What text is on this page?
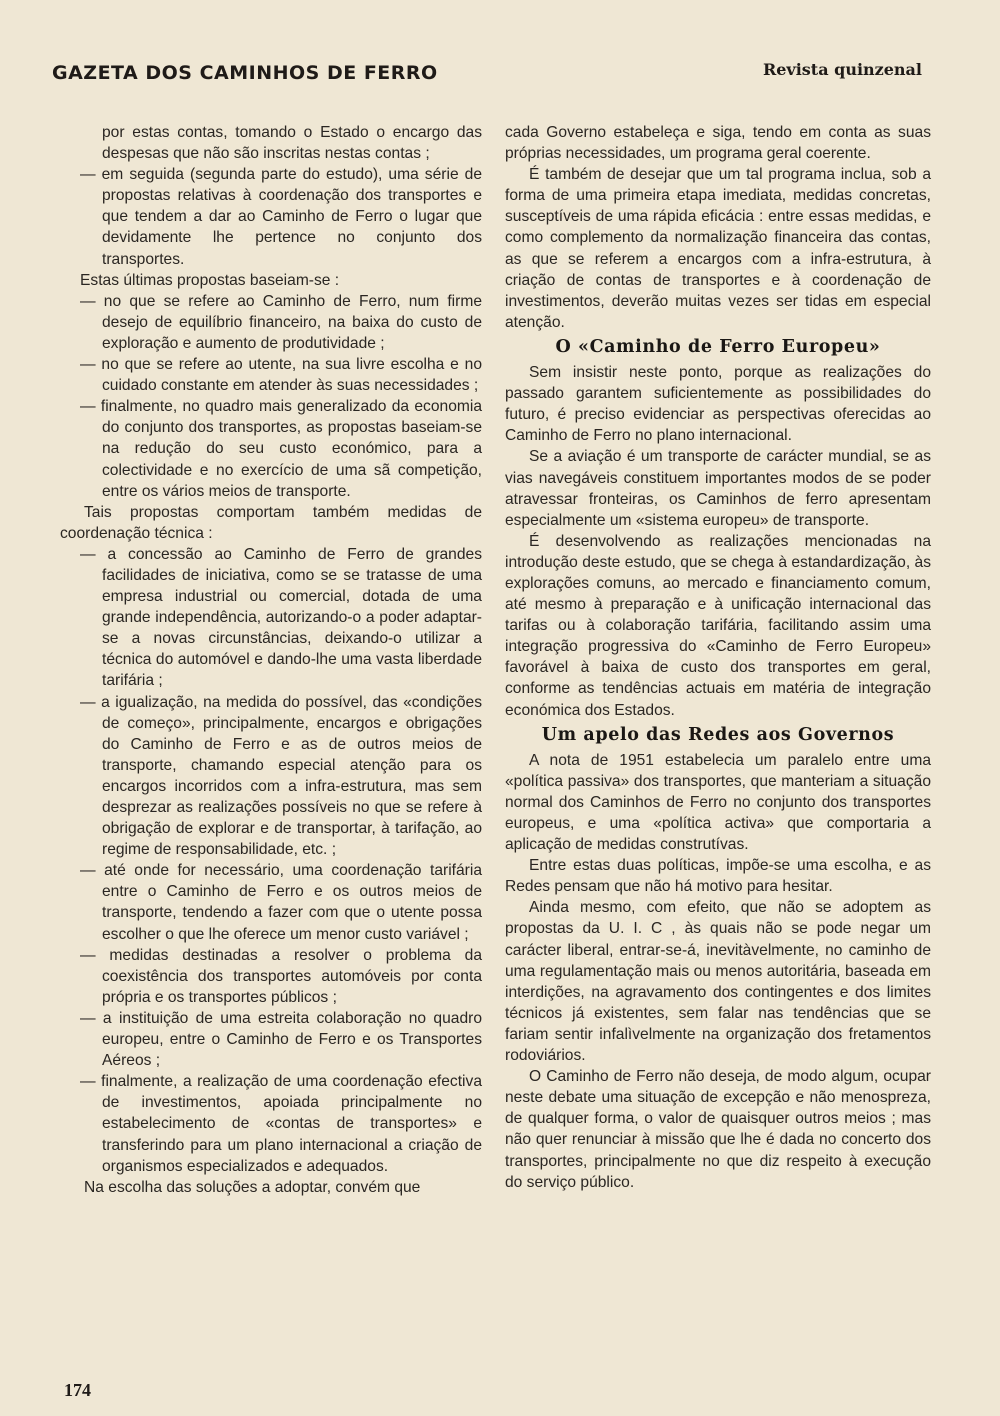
GAZETA DOS CAMINHOS DE FERRO	Revista quinzenal

por estas contas, tomando o Estado o encargo das despesas que não são inscritas nestas contas ;

— em seguida (segunda parte do estudo), uma série de propostas relativas à coordenação dos transportes e que tendem a dar ao Caminho de Ferro o lugar que devidamente lhe pertence no conjunto dos transportes.

Estas últimas propostas baseiam-se :

— no que se refere ao Caminho de Ferro, num firme desejo de equilíbrio financeiro, na baixa do custo de exploração e aumento de produtividade ;

— no que se refere ao utente, na sua livre escolha e no cuidado constante em atender às suas necessidades ;

— finalmente, no quadro mais generalizado da economia do conjunto dos transportes, as propostas baseiam-se na redução do seu custo económico, para a colectividade e no exercício de uma sã competição, entre os vários meios de transporte.

Tais propostas comportam também medidas de coordenação técnica :

— a concessão ao Caminho de Ferro de grandes facilidades de iniciativa, como se se tratasse de uma empresa industrial ou comercial, dotada de uma grande independência, autorizando-o a poder adaptar-se a novas circunstâncias, deixando-o utilizar a técnica do automóvel e dando-lhe uma vasta liberdade tarifária ;

— a igualização, na medida do possível, das «condições de começo», principalmente, encargos e obrigações do Caminho de Ferro e as de outros meios de transporte, chamando especial atenção para os encargos incorridos com a infra-estrutura, mas sem desprezar as realizações possíveis no que se refere à obrigação de explorar e de transportar, à tarifação, ao regime de responsabilidade, etc. ;

— até onde for necessário, uma coordenação tarifária entre o Caminho de Ferro e os outros meios de transporte, tendendo a fazer com que o utente possa escolher o que lhe oferece um menor custo variável ;

— medidas destinadas a resolver o problema da coexistência dos transportes automóveis por conta própria e os transportes públicos ;

— a instituição de uma estreita colaboração no quadro europeu, entre o Caminho de Ferro e os Transportes Aéreos ;

— finalmente, a realização de uma coordenação efectiva de investimentos, apoiada principalmente no estabelecimento de «contas de transportes» e transferindo para um plano internacional a criação de organismos especializados e adequados.

Na escolha das soluções a adoptar, convém que

cada Governo estabeleça e siga, tendo em conta as suas próprias necessidades, um programa geral coerente.

É também de desejar que um tal programa inclua, sob a forma de uma primeira etapa imediata, medidas concretas, susceptíveis de uma rápida eficácia : entre essas medidas, e como complemento da normalização financeira das contas, as que se referem a encargos com a infra-estrutura, à criação de contas de transportes e à coordenação de investimentos, deverão muitas vezes ser tidas em especial atenção.

O «Caminho de Ferro Europeu»

Sem insistir neste ponto, porque as realizações do passado garantem suficientemente as possibilidades do futuro, é preciso evidenciar as perspectivas oferecidas ao Caminho de Ferro no plano internacional.

Se a aviação é um transporte de carácter mundial, se as vias navegáveis constituem importantes modos de se poder atravessar fronteiras, os Caminhos de ferro apresentam especialmente um «sistema europeu» de transporte.

É desenvolvendo as realizações mencionadas na introdução deste estudo, que se chega à estandardização, às explorações comuns, ao mercado e financiamento comum, até mesmo à preparação e à unificação internacional das tarifas ou à colaboração tarifária, facilitando assim uma integração progressiva do «Caminho de Ferro Europeu» favorável à baixa de custo dos transportes em geral, conforme as tendências actuais em matéria de integração económica dos Estados.

Um apelo das Redes aos Governos

A nota de 1951 estabelecia um paralelo entre uma «política passiva» dos transportes, que manteriam a situação normal dos Caminhos de Ferro no conjunto dos transportes europeus, e uma «política activa» que comportaria a aplicação de medidas construtívas.

Entre estas duas políticas, impõe-se uma escolha, e as Redes pensam que não há motivo para hesitar.

Ainda mesmo, com efeito, que não se adoptem as propostas da U. I. C , às quais não se pode negar um carácter liberal, entrar-se-á, inevitàvelmente, no caminho de uma regulamentação mais ou menos autoritária, baseada em interdições, na agravamento dos contingentes e dos limites técnicos já existentes, sem falar nas tendências que se fariam sentir infalìvelmente na organização dos fretamentos rodoviários.

O Caminho de Ferro não deseja, de modo algum, ocupar neste debate uma situação de excepção e não menospreza, de qualquer forma, o valor de quaisquer outros meios ; mas não quer renunciar à missão que lhe é dada no concerto dos transportes, principalmente no que diz respeito à execução do serviço público.

174
